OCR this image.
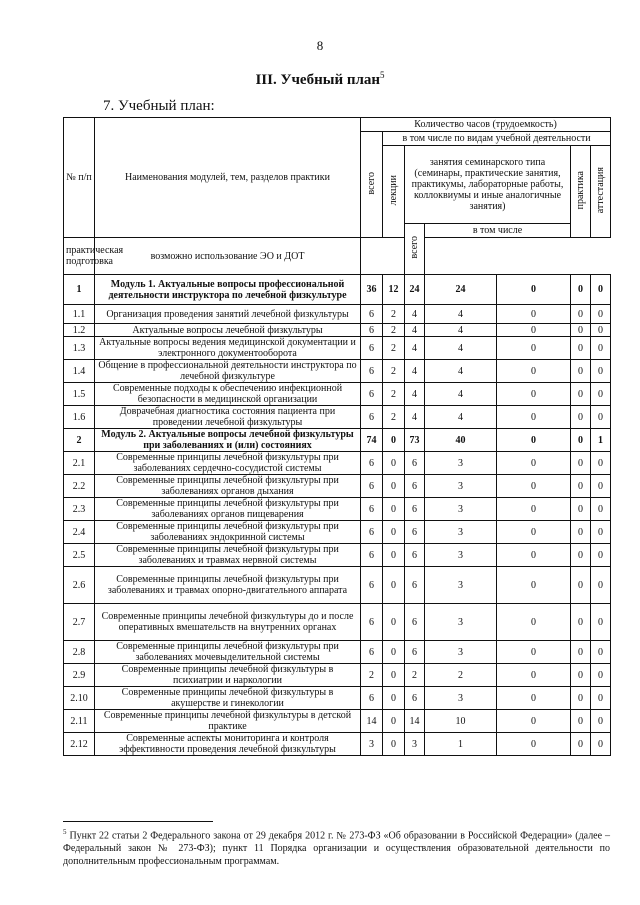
8
III. Учебный план$^5$
7. Учебный план:
№ п/п	Наименования модулей, тем, разделов практики	Количество часов (трудоемкость)						
		всего	в том числе по видам учебной деятельности					
			лекции	занятия семинарского типа (семинары, практические занятия, практикумы, лабораторные работы, коллоквиумы и иные аналогичные занятия)			практика	аттестация
				всего	в том числе			
практическая подготовка	возможно использование ЭО и ДОТ							
1	Модуль 1. Актуальные вопросы профессиональной деятельности инструктора по лечебной физкультуре	36	12	24	24	0	0	0
1.1	Организация проведения занятий лечебной физкультуры	6	2	4	4	0	0	0
1.2	Актуальные вопросы лечебной физкультуры	6	2	4	4	0	0	0
1.3	Актуальные вопросы ведения медицинской документации и электронного документооборота	6	2	4	4	0	0	0
1.4	Общение в профессиональной деятельности инструктора по лечебной физкультуре	6	2	4	4	0	0	0
1.5	Современные подходы к обеспечению инфекционной безопасности в медицинской организации	6	2	4	4	0	0	0
1.6	Доврачебная диагностика состояния пациента при проведении лечебной физкультуры	6	2	4	4	0	0	0
2	Модуль 2. Актуальные вопросы лечебной физкультуры при заболеваниях и (или) состояниях	74	0	73	40	0	0	1
2.1	Современные принципы лечебной физкультуры при заболеваниях сердечно-сосудистой системы	6	0	6	3	0	0	0
2.2	Современные принципы лечебной физкультуры при заболеваниях органов дыхания	6	0	6	3	0	0	0
2.3	Современные принципы лечебной физкультуры при заболеваниях органов пищеварения	6	0	6	3	0	0	0
2.4	Современные принципы лечебной физкультуры при заболеваниях эндокринной системы	6	0	6	3	0	0	0
2.5	Современные принципы лечебной физкультуры при заболеваниях и травмах нервной системы	6	0	6	3	0	0	0
2.6	Современные принципы лечебной физкультуры при заболеваниях и травмах опорно-двигательного аппарата	6	0	6	3	0	0	0
2.7	Современные принципы лечебной физкультуры до и после оперативных вмешательств на внутренних органах	6	0	6	3	0	0	0
2.8	Современные принципы лечебной физкультуры при заболеваниях мочевыделительной системы	6	0	6	3	0	0	0
2.9	Современные принципы лечебной физкультуры в психиатрии и наркологии	2	0	2	2	0	0	0
2.10	Современные принципы лечебной физкультуры в акушерстве и гинекологии	6	0	6	3	0	0	0
2.11	Современные принципы лечебной физкультуры в детской практике	14	0	14	10	0	0	0
2.12	Современные аспекты мониторинга и контроля эффективности проведения лечебной физкультуры	3	0	3	1	0	0	0
$^5$ Пункт 22 статьи 2 Федерального закона от 29 декабря 2012 г. № 273-ФЗ «Об образовании в Российской Федерации» (далее – Федеральный закон № 273-ФЗ); пункт 11 Порядка организации и осуществления образовательной деятельности по дополнительным профессиональным программам.
